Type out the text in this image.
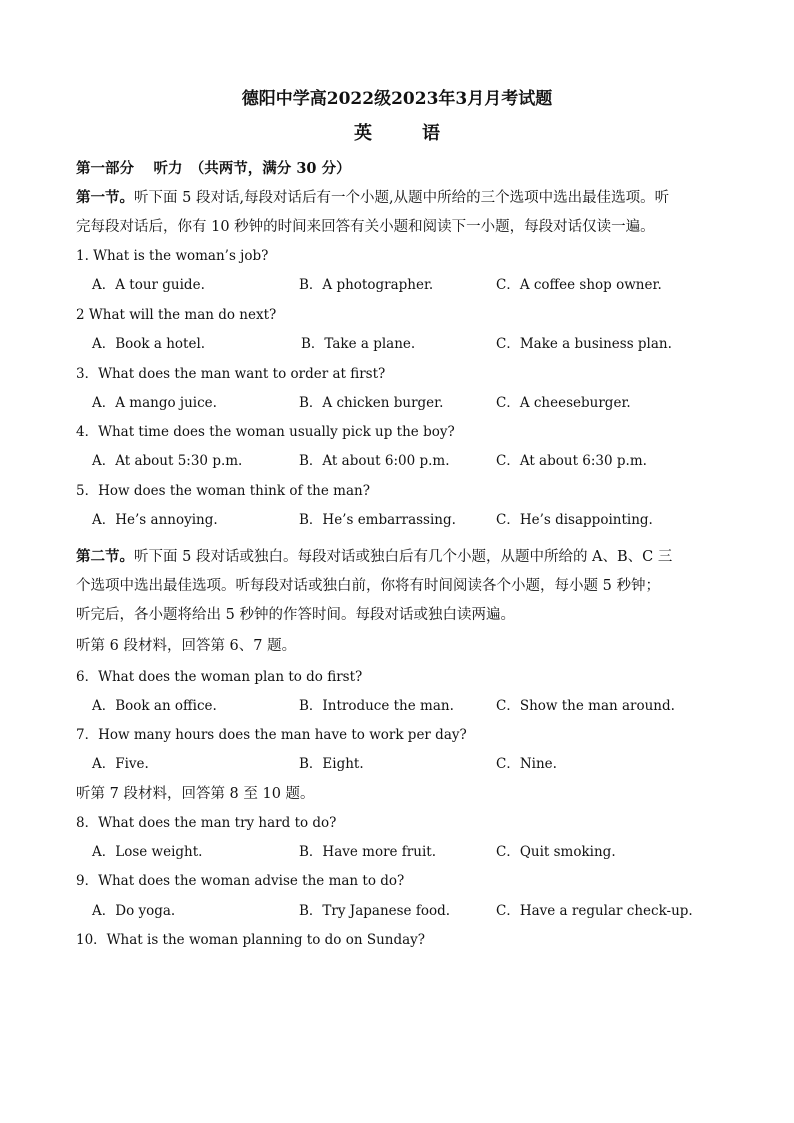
德阳中学高2022级2023年3月月考试题
英　语
第一部分　 听力　（共两节，满分 30 分）
第一节。听下面 5 段对话,每段对话后有一个小题,从题中所给的三个选项中选出最佳选项。听
完每段对话后，你有 10 秒钟的时间来回答有关小题和阅读下一小题，每段对话仅读一遍。
1. What is the woman’s job?
A．A tour guide.	B．A photographer.	C．A coffee shop owner.
2 What will the man do next?
A．Book a hotel.	B．Take a plane.	C．Make a business plan.
3．What does the man want to order at first?
A．A mango juice.	B．A chicken burger.	C．A cheeseburger.
4．What time does the woman usually pick up the boy?
A．At about 5:30 p.m.	B．At about 6:00 p.m.	C．At about 6:30 p.m.
5．How does the woman think of the man?
A．He’s annoying.	B．He’s embarrassing.	C．He’s disappointing.
第二节。听下面 5 段对话或独白。每段对话或独白后有几个小题，从题中所给的 A、B、C 三
个选项中选出最佳选项。听每段对话或独白前，你将有时间阅读各个小题，每小题 5 秒钟；
听完后，各小题将给出 5 秒钟的作答时间。每段对话或独白读两遍。
听第 6 段材料，回答第 6、7 题。
6．What does the woman plan to do first?
A．Book an office.	B．Introduce the man.	C．Show the man around.
7．How many hours does the man have to work per day?
A．Five.	B．Eight.	C．Nine.
听第 7 段材料，回答第 8 至 10 题。
8．What does the man try hard to do?
A．Lose weight.	B．Have more fruit.	C．Quit smoking.
9．What does the woman advise the man to do?
A．Do yoga.	B．Try Japanese food.	C．Have a regular check-up.
10．What is the woman planning to do on Sunday?
